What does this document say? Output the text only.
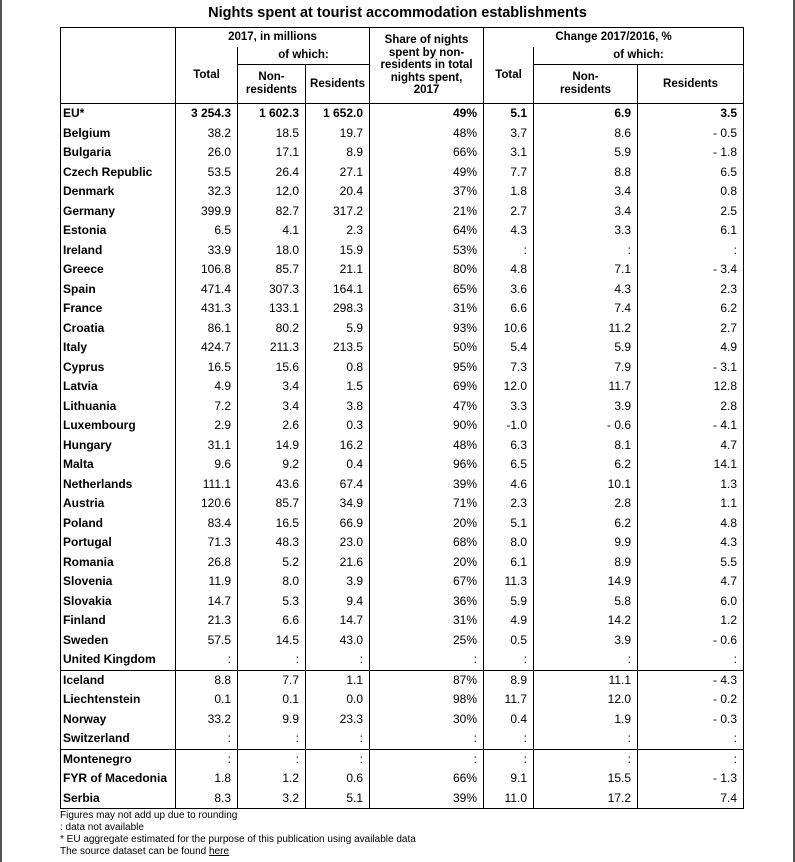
Nights spent at tourist accommodation establishments
	2017, in millions			Share of nights spent by non-residents in total nights spent, 2017	Change 2017/2016, %		
	Total	of which:			Total	of which:	

		Non-residents	Residents			Non-residents	Residents
EU*	3 254.3	1 602.3	1 652.0	49%	5.1	6.9	3.5
Belgium	38.2	18.5	19.7	48%	3.7	8.6	- 0.5
Bulgaria	26.0	17.1	8.9	66%	3.1	5.9	- 1.8
Czech Republic	53.5	26.4	27.1	49%	7.7	8.8	6.5
Denmark	32.3	12.0	20.4	37%	1.8	3.4	0.8
Germany	399.9	82.7	317.2	21%	2.7	3.4	2.5
Estonia	6.5	4.1	2.3	64%	4.3	3.3	6.1
Ireland	33.9	18.0	15.9	53%	:	:	:
Greece	106.8	85.7	21.1	80%	4.8	7.1	- 3.4
Spain	471.4	307.3	164.1	65%	3.6	4.3	2.3
France	431.3	133.1	298.3	31%	6.6	7.4	6.2
Croatia	86.1	80.2	5.9	93%	10.6	11.2	2.7
Italy	424.7	211.3	213.5	50%	5.4	5.9	4.9
Cyprus	16.5	15.6	0.8	95%	7.3	7.9	- 3.1
Latvia	4.9	3.4	1.5	69%	12.0	11.7	12.8
Lithuania	7.2	3.4	3.8	47%	3.3	3.9	2.8
Luxembourg	2.9	2.6	0.3	90%	-1.0	- 0.6	- 4.1
Hungary	31.1	14.9	16.2	48%	6.3	8.1	4.7
Malta	9.6	9.2	0.4	96%	6.5	6.2	14.1
Netherlands	111.1	43.6	67.4	39%	4.6	10.1	1.3
Austria	120.6	85.7	34.9	71%	2.3	2.8	1.1
Poland	83.4	16.5	66.9	20%	5.1	6.2	4.8
Portugal	71.3	48.3	23.0	68%	8.0	9.9	4.3
Romania	26.8	5.2	21.6	20%	6.1	8.9	5.5
Slovenia	11.9	8.0	3.9	67%	11.3	14.9	4.7
Slovakia	14.7	5.3	9.4	36%	5.9	5.8	6.0
Finland	21.3	6.6	14.7	31%	4.9	14.2	1.2
Sweden	57.5	14.5	43.0	25%	0.5	3.9	- 0.6
United Kingdom	:	:	:	:	:	:	:
Iceland	8.8	7.7	1.1	87%	8.9	11.1	- 4.3
Liechtenstein	0.1	0.1	0.0	98%	11.7	12.0	- 0.2
Norway	33.2	9.9	23.3	30%	0.4	1.9	- 0.3
Switzerland	:	:	:	:	:	:	:
Montenegro	:	:	:	:	:	:	:
FYR of Macedonia	1.8	1.2	0.6	66%	9.1	15.5	- 1.3
Serbia	8.3	3.2	5.1	39%	11.0	17.2	7.4
Figures may not add up due to rounding
: data not available
* EU aggregate estimated for the purpose of this publication using available data
The source dataset can be found here
